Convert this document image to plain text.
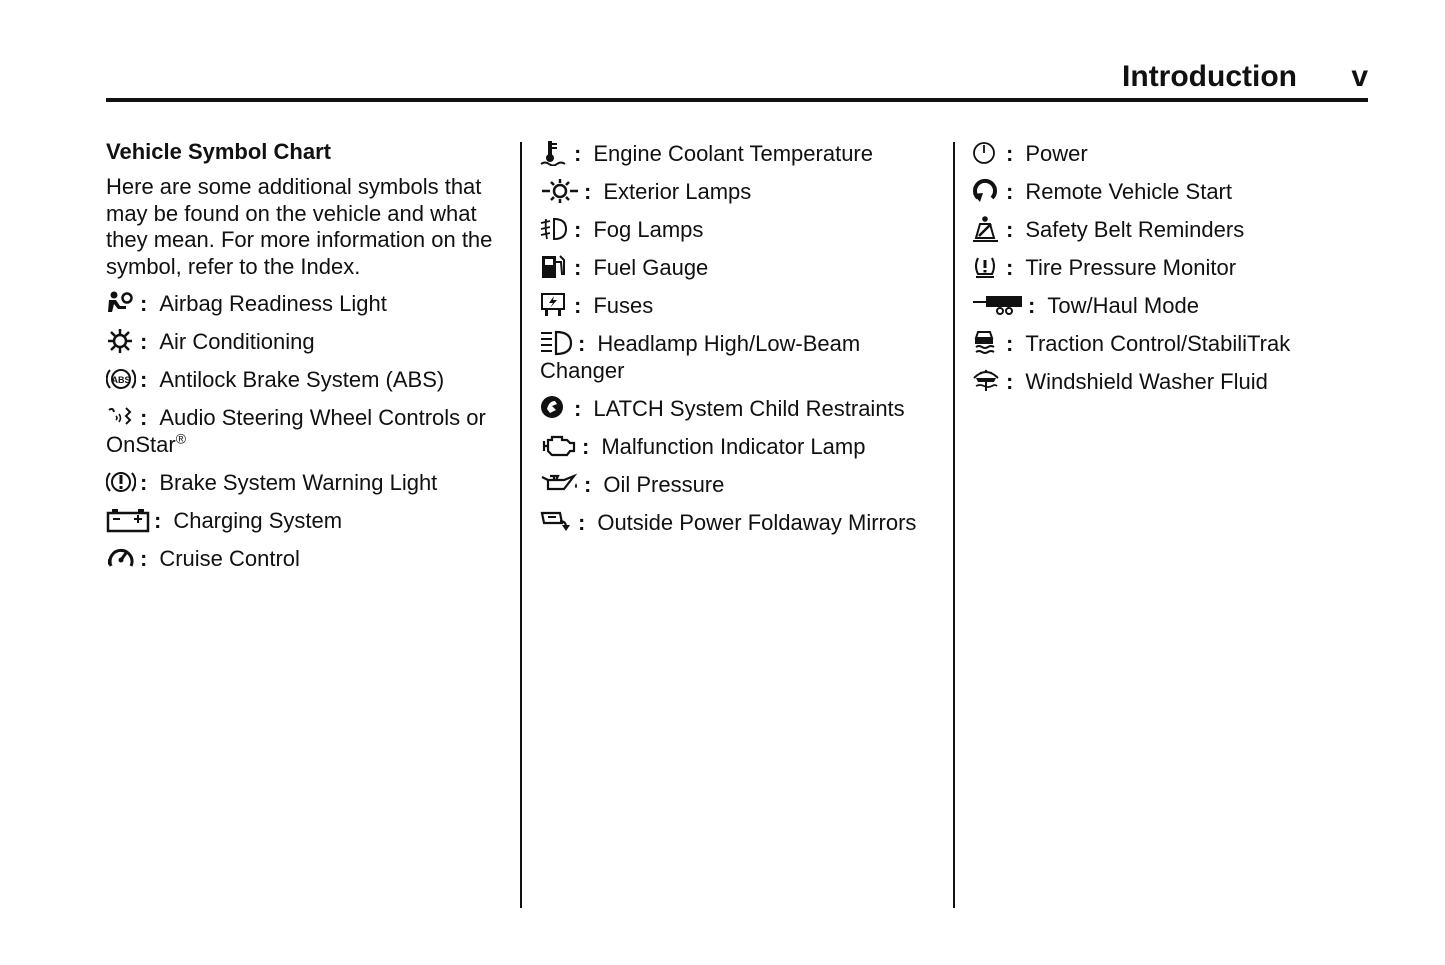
Introduction v
Vehicle Symbol Chart
Here are some additional symbols that may be found on the vehicle and what they mean. For more information on the symbol, refer to the Index.
: Airbag Readiness Light
: Air Conditioning
ABS : Antilock Brake System (ABS)
: Audio Steering Wheel Controls or OnStar®
: Brake System Warning Light
: Charging System
: Cruise Control
: Engine Coolant Temperature
: Exterior Lamps
: Fog Lamps
: Fuel Gauge
: Fuses
: Headlamp High/Low-Beam Changer
: LATCH System Child Restraints
: Malfunction Indicator Lamp
: Oil Pressure
: Outside Power Foldaway Mirrors
: Power
: Remote Vehicle Start
: Safety Belt Reminders
: Tire Pressure Monitor
: Tow/Haul Mode
: Traction Control/StabiliTrak
: Windshield Washer Fluid
